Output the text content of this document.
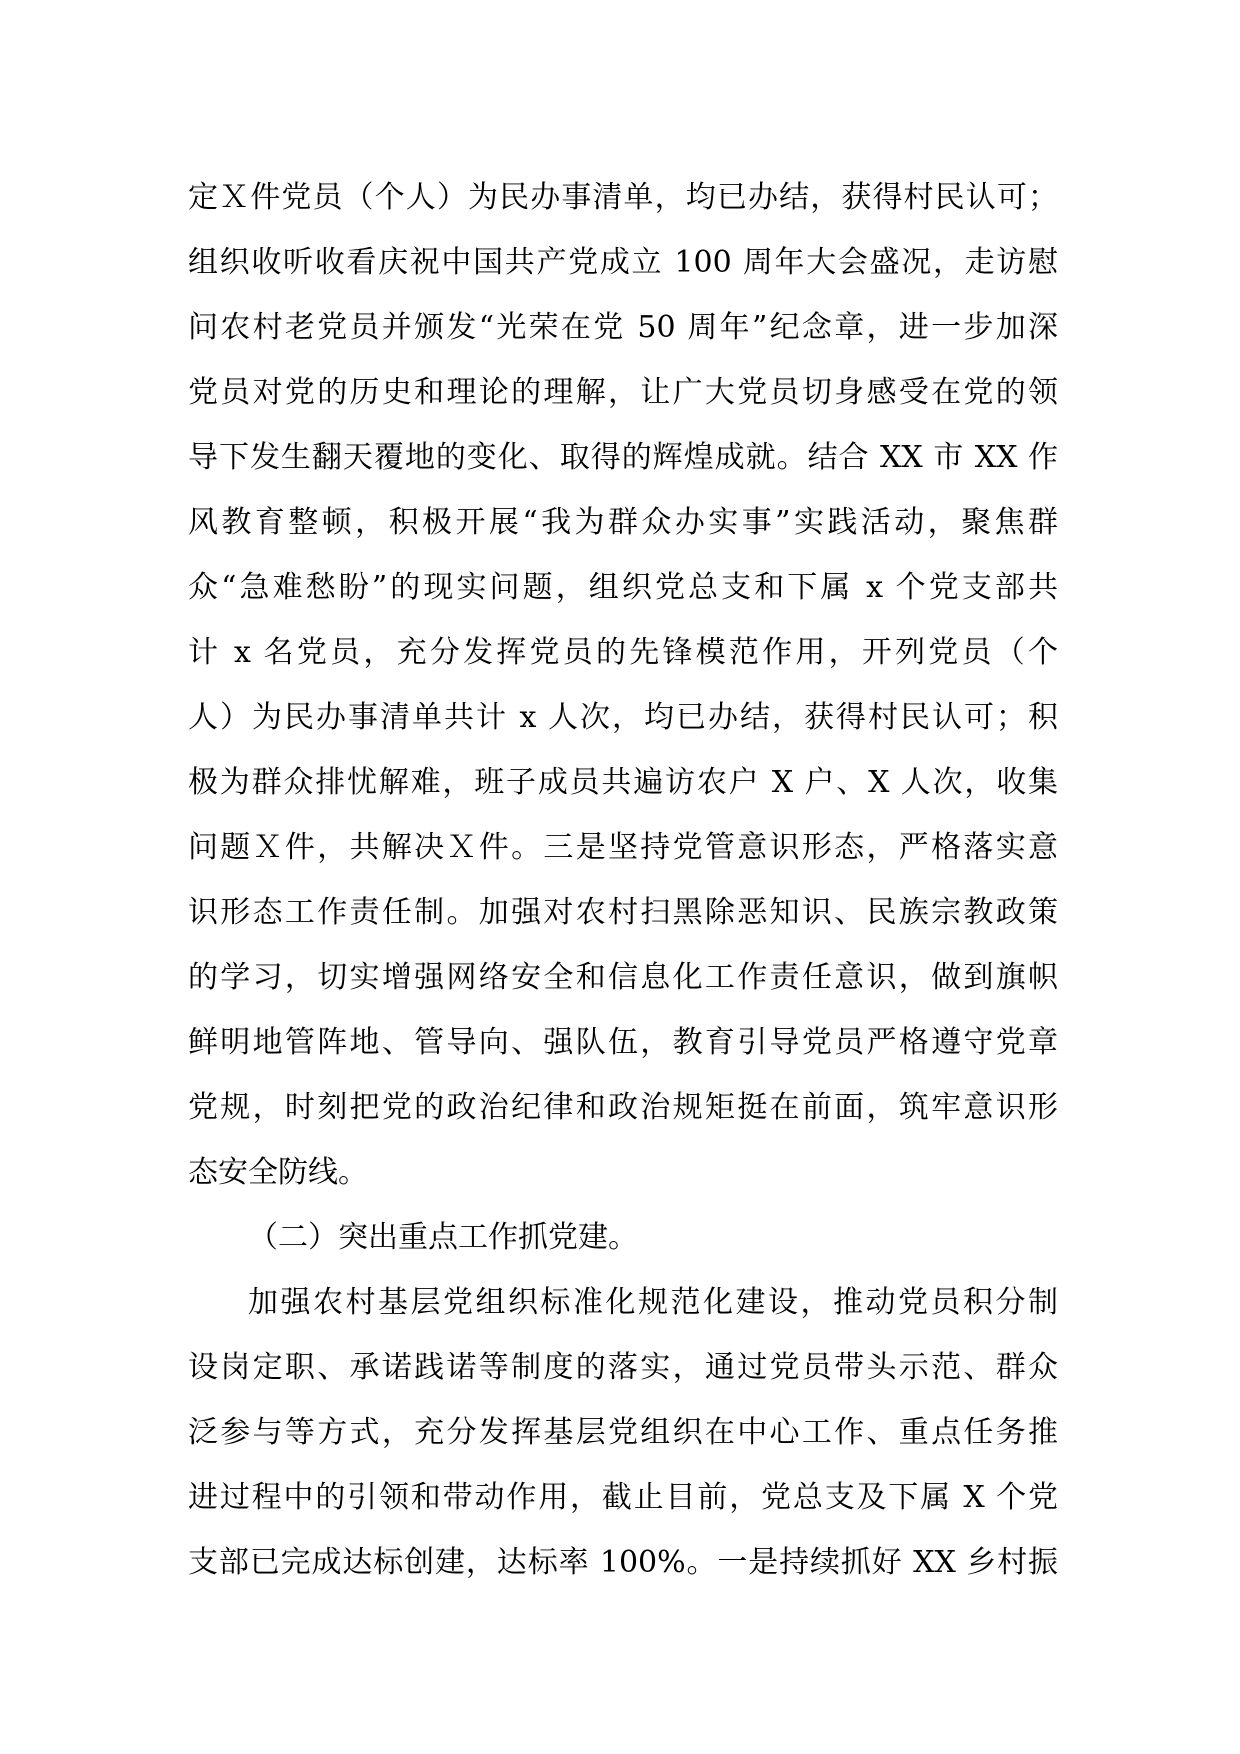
定Ｘ件党员（个人）为民办事清单，均已办结，获得村民认可；
组织收听收看庆祝中国共产党成立 100 周年大会盛况，走访慰
问农村老党员并颁发“光荣在党 50 周年”纪念章，进一步加深
党员对党的历史和理论的理解，让广大党员切身感受在党的领
导下发生翻天覆地的变化、取得的辉煌成就。结合 XX 市 XX 作
风教育整顿，积极开展“我为群众办实事”实践活动，聚焦群
众“急难愁盼”的现实问题，组织党总支和下属 x 个党支部共
计 x 名党员，充分发挥党员的先锋模范作用，开列党员（个
人）为民办事清单共计 x 人次，均已办结，获得村民认可；积
极为群众排忧解难，班子成员共遍访农户 X 户、X 人次，收集
问题Ｘ件，共解决Ｘ件。三是坚持党管意识形态，严格落实意
识形态工作责任制。加强对农村扫黑除恶知识、民族宗教政策
的学习，切实增强网络安全和信息化工作责任意识，做到旗帜
鲜明地管阵地、管导向、强队伍，教育引导党员严格遵守党章
党规，时刻把党的政治纪律和政治规矩挺在前面，筑牢意识形
态安全防线。
（二）突出重点工作抓党建。
加强农村基层党组织标准化规范化建设，推动党员积分制
设岗定职、承诺践诺等制度的落实，通过党员带头示范、群众
泛参与等方式，充分发挥基层党组织在中心工作、重点任务推
进过程中的引领和带动作用，截止目前，党总支及下属 X 个党
支部已完成达标创建，达标率 100%。一是持续抓好 XX 乡村振
